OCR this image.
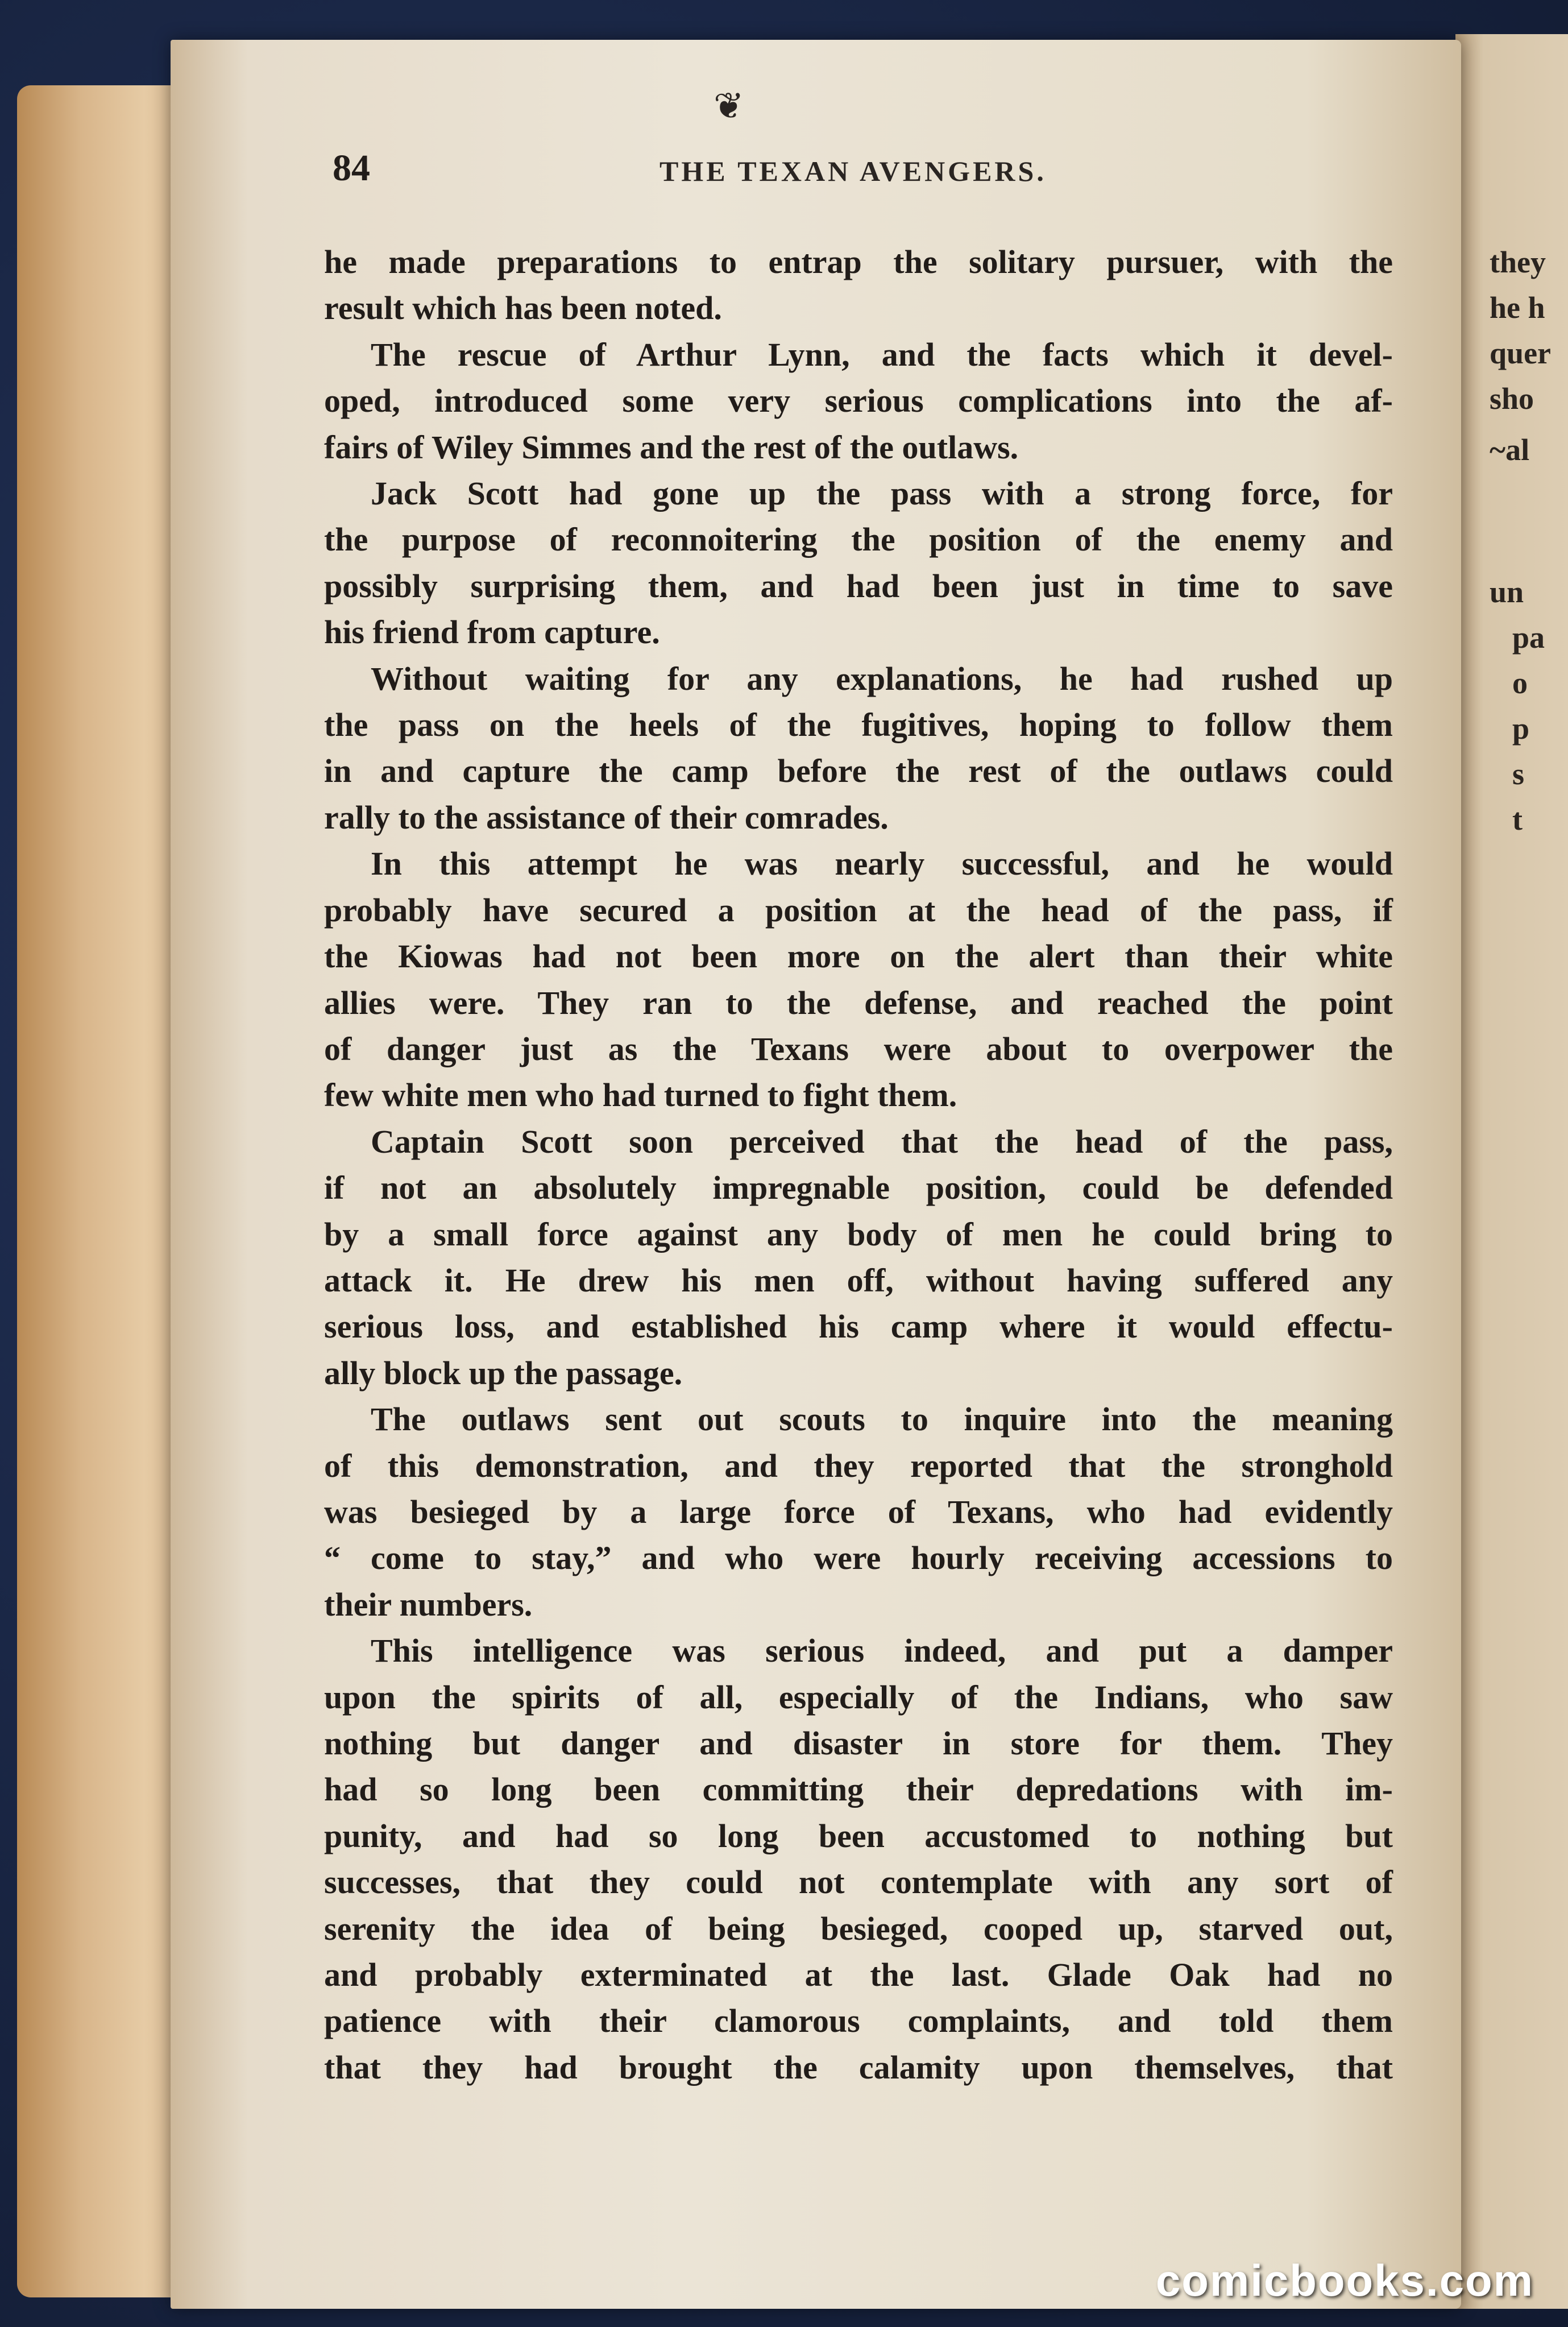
❦
84	THE TEXAN AVENGERS.

he made preparations to entrap the solitary pursuer, with the

result which has been noted.

The rescue of Arthur Lynn, and the facts which it devel-

oped, introduced some very serious complications into the af-

fairs of Wiley Simmes and the rest of the outlaws.

Jack Scott had gone up the pass with a strong force, for

the purpose of reconnoitering the position of the enemy and

possibly surprising them, and had been just in time to save

his friend from capture.

Without waiting for any explanations, he had rushed up

the pass on the heels of the fugitives, hoping to follow them

in and capture the camp before the rest of the outlaws could

rally to the assistance of their comrades.

In this attempt he was nearly successful, and he would

probably have secured a position at the head of the pass, if

the Kiowas had not been more on the alert than their white

allies were. They ran to the defense, and reached the point

of danger just as the Texans were about to overpower the

few white men who had turned to fight them.

Captain Scott soon perceived that the head of the pass,

if not an absolutely impregnable position, could be defended

by a small force against any body of men he could bring to

attack it. He drew his men off, without having suffered any

serious loss, and established his camp where it would effectu-

ally block up the passage.

The outlaws sent out scouts to inquire into the meaning

of this demonstration, and they reported that the stronghold

was besieged by a large force of Texans, who had evidently

“ come to stay,” and who were hourly receiving accessions to

their numbers.

This intelligence was serious indeed, and put a damper

upon the spirits of all, especially of the Indians, who saw

nothing but danger and disaster in store for them. They

had so long been committing their depredations with im-

punity, and had so long been accustomed to nothing but

successes, that they could not contemplate with any sort of

serenity the idea of being besieged, cooped up, starved out,

and probably exterminated at the last. Glade Oak had no

patience with their clamorous complaints, and told them

that they had brought the calamity upon themselves, that

they
he h
quer
sho
~al
un
pa
o
p
s
t
comicbooks.com
